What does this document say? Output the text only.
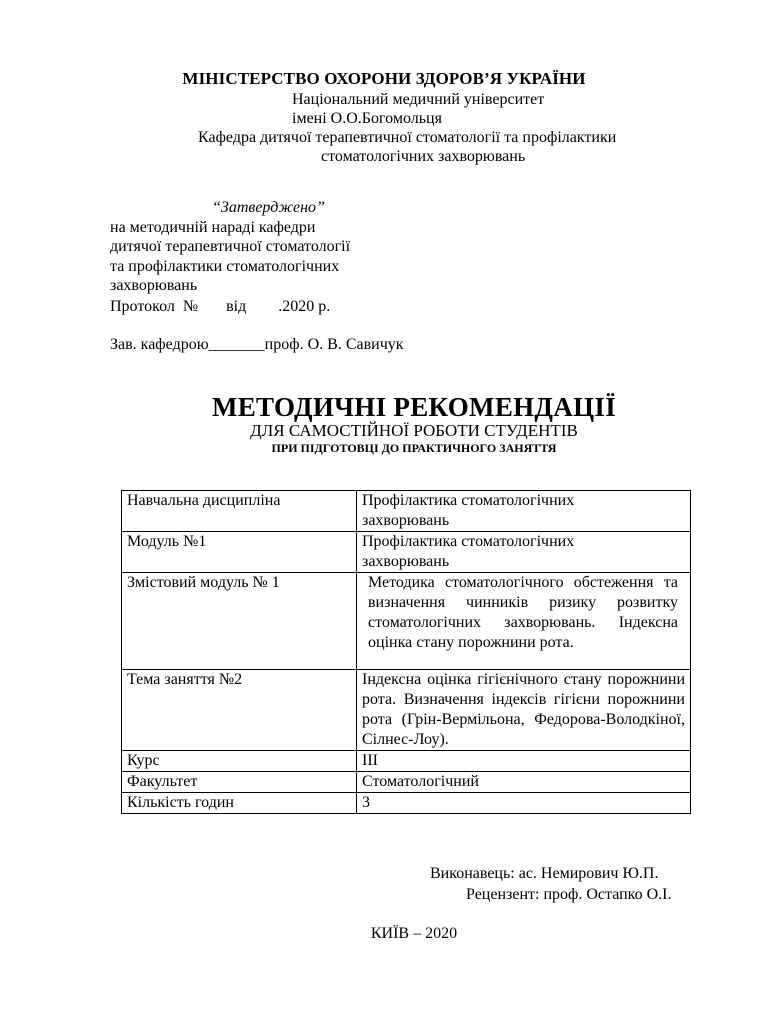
МІНІСТЕРСТВО ОХОРОНИ ЗДОРОВ’Я УКРАЇНИ
Національний медичний університет
імені О.О.Богомольця
Кафедра дитячої терапевтичної стоматології та профілактики
стоматологічних захворювань
“Затверджено”
на методичній нараді кафедри
дитячої терапевтичної стоматології
та профілактики стоматологічних
захворювань
Протокол  №       від        .2020 р.
Зав. кафедрою_______проф. О. В. Савичук
МЕТОДИЧНІ РЕКОМЕНДАЦІЇ
ДЛЯ САМОСТІЙНОЇ РОБОТИ СТУДЕНТІВ
ПРИ ПІДГОТОВЦІ ДО ПРАКТИЧНОГО ЗАНЯТТЯ
Навчальна дисципліна	Профілактика стоматологічних захворювань
Модуль №1	Профілактика стоматологічних захворювань
Змістовий модуль № 1	Методика стоматологічного обстеження та визначення чинників ризику розвитку стоматологічних захворювань. Індексна оцінка стану порожнини рота.
Тема заняття №2	Індексна оцінка гігієнічного стану порожнини рота. Визначення індексів гігієни порожнини рота (Грін-Вермільона, Федорова-Володкіної, Сілнес-Лоу).
Курс	ІІІ
Факультет	Стоматологічний
Кількість годин	3
Виконавець: ас. Немирович Ю.П.
Рецензент: проф. Остапко О.І.
КИЇВ – 2020
